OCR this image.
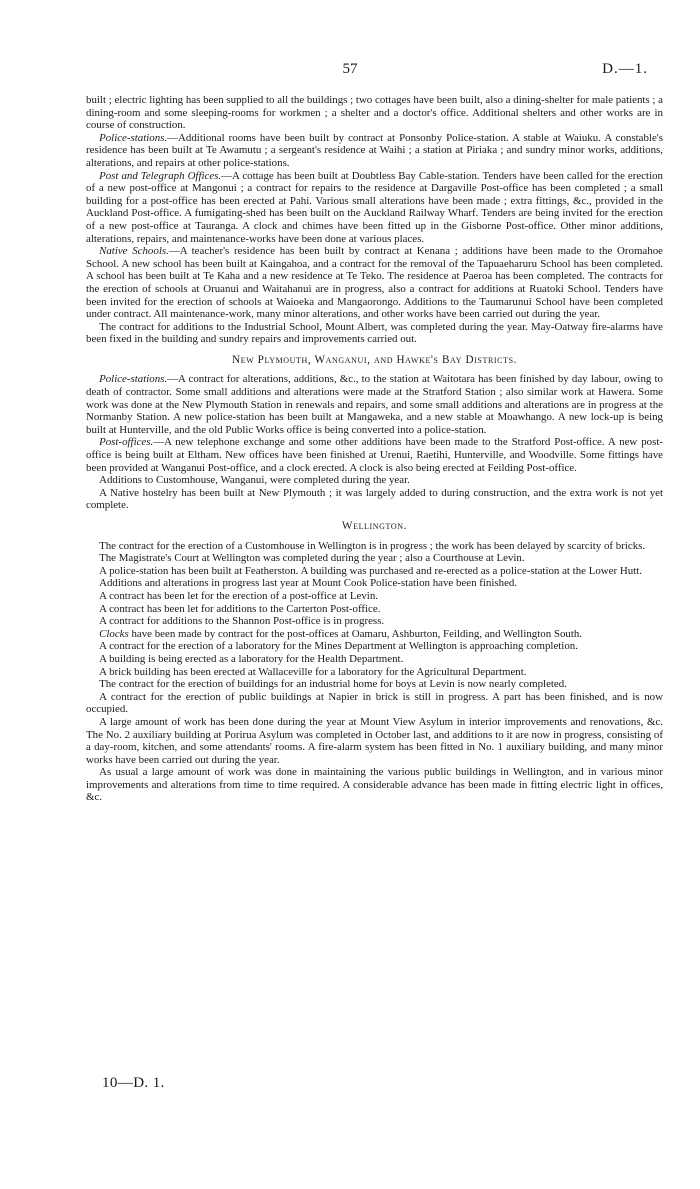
57	D.—1.

built ; electric lighting has been supplied to all the buildings ; two cottages have been built, also a dining-shelter for male patients ; a dining-room and some sleeping-rooms for workmen ; a shelter and a doctor's office. Additional shelters and other works are in course of construction.

Police-stations.—Additional rooms have been built by contract at Ponsonby Police-station. A stable at Waiuku. A constable's residence has been built at Te Awamutu ; a sergeant's residence at Waihi ; a station at Piriaka ; and sundry minor works, additions, alterations, and repairs at other police-stations.

Post and Telegraph Offices.—A cottage has been built at Doubtless Bay Cable-station. Tenders have been called for the erection of a new post-office at Mangonui ; a contract for repairs to the residence at Dargaville Post-office has been completed ; a small building for a post-office has been erected at Pahi. Various small alterations have been made ; extra fittings, &c., provided in the Auckland Post-office. A fumigating-shed has been built on the Auckland Railway Wharf. Tenders are being invited for the erection of a new post-office at Tauranga. A clock and chimes have been fitted up in the Gisborne Post-office. Other minor additions, alterations, repairs, and maintenance-works have been done at various places.

Native Schools.—A teacher's residence has been built by contract at Kenana ; additions have been made to the Oromahoe School. A new school has been built at Kaingahoa, and a contract for the removal of the Tapuaeharuru School has been completed. A school has been built at Te Kaha and a new residence at Te Teko. The residence at Paeroa has been completed. The contracts for the erection of schools at Oruanui and Waitahanui are in progress, also a contract for additions at Ruatoki School. Tenders have been invited for the erection of schools at Waioeka and Mangaorongo. Additions to the Taumarunui School have been completed under contract. All maintenance-work, many minor alterations, and other works have been carried out during the year.

The contract for additions to the Industrial School, Mount Albert, was completed during the year. May-Oatway fire-alarms have been fixed in the building and sundry repairs and improvements carried out.

New Plymouth, Wanganui, and Hawke's Bay Districts.

Police-stations.—A contract for alterations, additions, &c., to the station at Waitotara has been finished by day labour, owing to death of contractor. Some small additions and alterations were made at the Stratford Station ; also similar work at Hawera. Some work was done at the New Plymouth Station in renewals and repairs, and some small additions and alterations are in progress at the Normanby Station. A new police-station has been built at Mangaweka, and a new stable at Moawhango. A new lock-up is being built at Hunterville, and the old Public Works office is being converted into a police-station.

Post-offices.—A new telephone exchange and some other additions have been made to the Stratford Post-office. A new post-office is being built at Eltham. New offices have been finished at Urenui, Raetihi, Hunterville, and Woodville. Some fittings have been provided at Wanganui Post-office, and a clock erected. A clock is also being erected at Feilding Post-office.

Additions to Customhouse, Wanganui, were completed during the year.

A Native hostelry has been built at New Plymouth ; it was largely added to during construction, and the extra work is not yet complete.

Wellington.

The contract for the erection of a Customhouse in Wellington is in progress ; the work has been delayed by scarcity of bricks.

The Magistrate's Court at Wellington was completed during the year ; also a Courthouse at Levin.

A police-station has been built at Featherston. A building was purchased and re-erected as a police-station at the Lower Hutt.

Additions and alterations in progress last year at Mount Cook Police-station have been finished.

A contract has been let for the erection of a post-office at Levin.

A contract has been let for additions to the Carterton Post-office.

A contract for additions to the Shannon Post-office is in progress.

Clocks have been made by contract for the post-offices at Oamaru, Ashburton, Feilding, and Wellington South.

A contract for the erection of a laboratory for the Mines Department at Wellington is approaching completion.

A building is being erected as a laboratory for the Health Department.

A brick building has been erected at Wallaceville for a laboratory for the Agricultural Department.

The contract for the erection of buildings for an industrial home for boys at Levin is now nearly completed.

A contract for the erection of public buildings at Napier in brick is still in progress. A part has been finished, and is now occupied.

A large amount of work has been done during the year at Mount View Asylum in interior improvements and renovations, &c. The No. 2 auxiliary building at Porirua Asylum was completed in October last, and additions to it are now in progress, consisting of a day-room, kitchen, and some attendants' rooms. A fire-alarm system has been fitted in No. 1 auxiliary building, and many minor works have been carried out during the year.

As usual a large amount of work was done in maintaining the various public buildings in Wellington, and in various minor improvements and alterations from time to time required. A considerable advance has been made in fitting electric light in offices, &c.

10—D. 1.
